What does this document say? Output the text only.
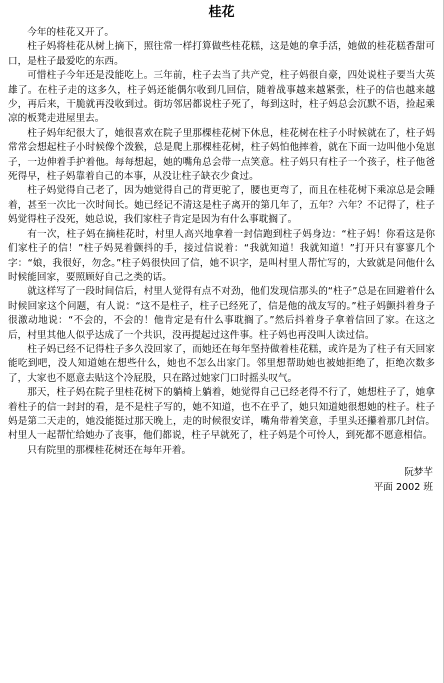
桂花

今年的桂花又开了。

柱子妈将桂花从树上摘下，照往常一样打算做些桂花糕，这是她的拿手活，她做的桂花糕香甜可口，是柱子最爱吃的东西。

可惜柱子今年还是没能吃上。三年前，柱子去当了共产党，柱子妈很自豪，四处说柱子要当大英雄了。在柱子走的这多久，柱子妈还能偶尔收到几回信，随着战事越来越紧张，柱子的信也越来越少，再后来，干脆就再没收到过。街坊邻居都说柱子死了，每到这时，柱子妈总会沉默不语，捡起乘凉的板凳走进屋里去。

柱子妈年纪很大了，她很喜欢在院子里那棵桂花树下休息，桂花树在柱子小时候就在了，柱子妈常常会想起柱子小时候像个泼猴，总是爬上那棵桂花树，柱子妈怕他摔着，就在下面一边叫他小兔崽子，一边伸着手护着他。每每想起，她的嘴角总会带一点笑意。柱子妈只有柱子一个孩子，柱子他爸死得早，柱子妈靠着自己的本事，从没让柱子缺衣少食过。

柱子妈觉得自己老了，因为她觉得自己的背更驼了，腰也更弯了，而且在桂花树下乘凉总是会睡着，甚至一次比一次时间长。她已经记不清这是柱子离开的第几年了，五年？六年？不记得了，柱子妈觉得柱子没死，她总说，我们家柱子肯定是因为有什么事耽搁了。

有一次，柱子妈在摘桂花时，村里人高兴地拿着一封信跑到柱子妈身边：“柱子妈！你看这是你们家柱子的信！”柱子妈晃着颤抖的手，接过信说着：“我就知道！我就知道！”打开只有寥寥几个字：“娘，我很好，勿念。”柱子妈很快回了信，她不识字，是叫村里人帮忙写的，大致就是问他什么时候能回家，要照顾好自己之类的话。

就这样写了一段时间信后，村里人觉得有点不对劲，他们发现信那头的“柱子”总是在回避着什么时候回家这个问题，有人说：“这不是柱子，柱子已经死了，信是他的战友写的。”柱子妈颤抖着身子很激动地说：“不会的，不会的！他肯定是有什么事耽搁了。”然后抖着身子拿着信回了家。在这之后，村里其他人似乎达成了一个共识，没再提起过这件事。柱子妈也再没叫人读过信。

柱子妈已经不记得柱子多久没回家了，而她还在每年坚持做着桂花糕，或许是为了柱子有天回家能吃到吧，没人知道她在想些什么，她也不怎么出家门。邻里想帮助她也被她拒绝了，拒绝次数多了，大家也不愿意去贴这个冷屁股，只在路过她家门口时摇头叹气。

那天，柱子妈在院子里桂花树下的躺椅上躺着，她觉得自己已经老得不行了，她想柱子了，她拿着柱子的信一封封的看，是不是柱子写的，她不知道，也不在乎了，她只知道她很想她的柱子。柱子妈是第二天走的，她没能挺过那天晚上，走的时候很安详，嘴角带着笑意，手里头还攥着那几封信。村里人一起帮忙给她办了丧事，他们都说，柱子早就死了，柱子妈是个可怜人，到死都不愿意相信。

只有院里的那棵桂花树还在每年开着。

阮梦芊
平面 2002 班
